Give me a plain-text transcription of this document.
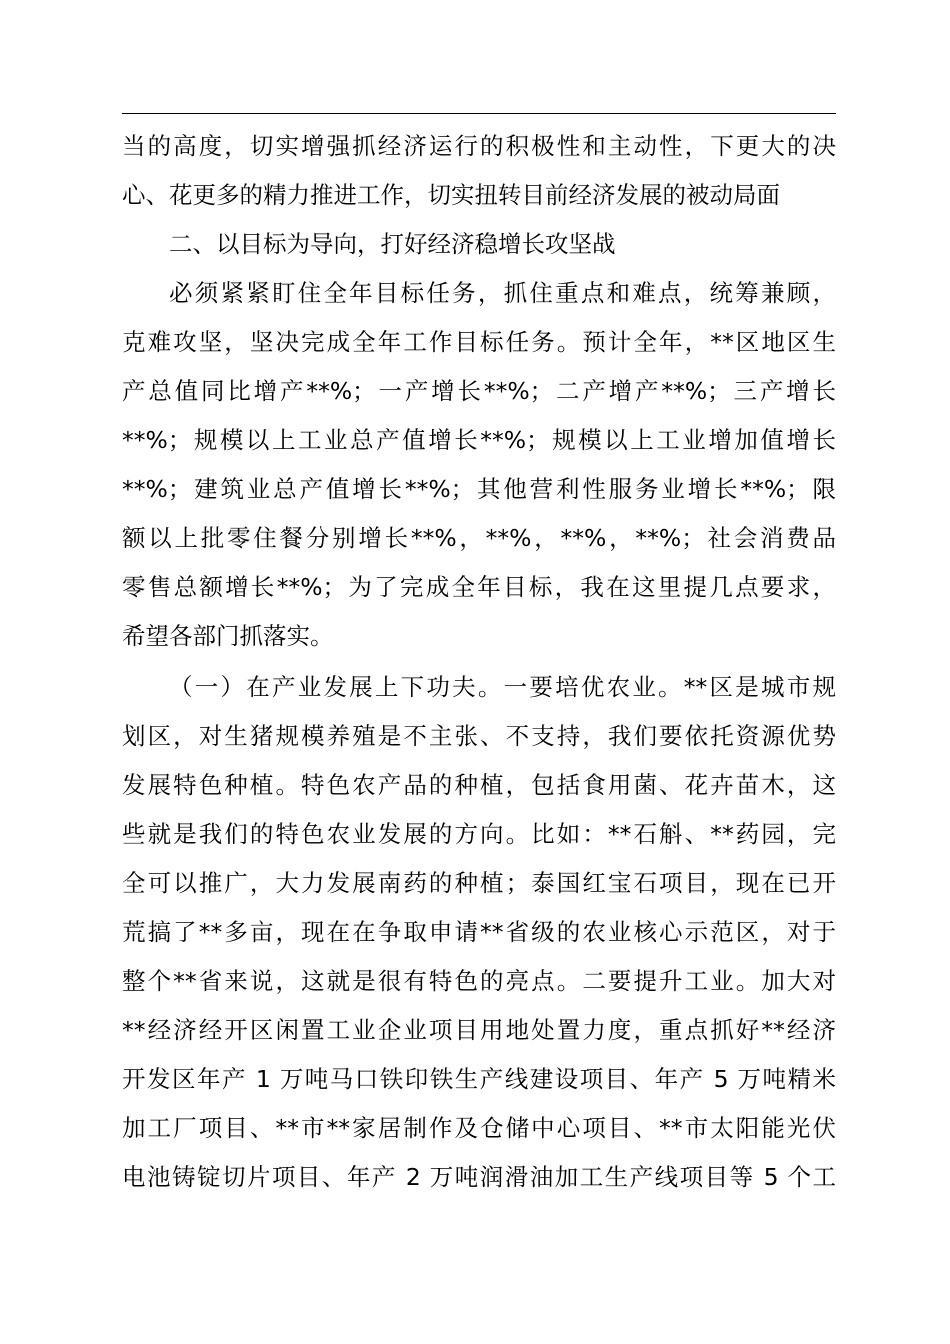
当的高度，切实增强抓经济运行的积极性和主动性，下更大的决
心、花更多的精力推进工作，切实扭转目前经济发展的被动局面
二、以目标为导向，打好经济稳增长攻坚战
必须紧紧盯住全年目标任务，抓住重点和难点，统筹兼顾，
克难攻坚，坚决完成全年工作目标任务。预计全年，**区地区生
产总值同比增产**%；一产增长**%；二产增产**%；三产增长
**%；规模以上工业总产值增长**%；规模以上工业增加值增长
**%；建筑业总产值增长**%；其他营利性服务业增长**%；限
额以上批零住餐分别增长**%，**%，**%，**%；社会消费品
零售总额增长**%；为了完成全年目标，我在这里提几点要求，
希望各部门抓落实。
（一）在产业发展上下功夫。一要培优农业。**区是城市规
划区，对生猪规模养殖是不主张、不支持，我们要依托资源优势
发展特色种植。特色农产品的种植，包括食用菌、花卉苗木，这
些就是我们的特色农业发展的方向。比如：**石斛、**药园，完
全可以推广，大力发展南药的种植；泰国红宝石项目，现在已开
荒搞了**多亩，现在在争取申请**省级的农业核心示范区，对于
整个**省来说，这就是很有特色的亮点。二要提升工业。加大对
**经济经开区闲置工业企业项目用地处置力度，重点抓好**经济
开发区年产 1 万吨马口铁印铁生产线建设项目、年产 5 万吨精米
加工厂项目、**市**家居制作及仓储中心项目、**市太阳能光伏
电池铸锭切片项目、年产 2 万吨润滑油加工生产线项目等 5 个工
